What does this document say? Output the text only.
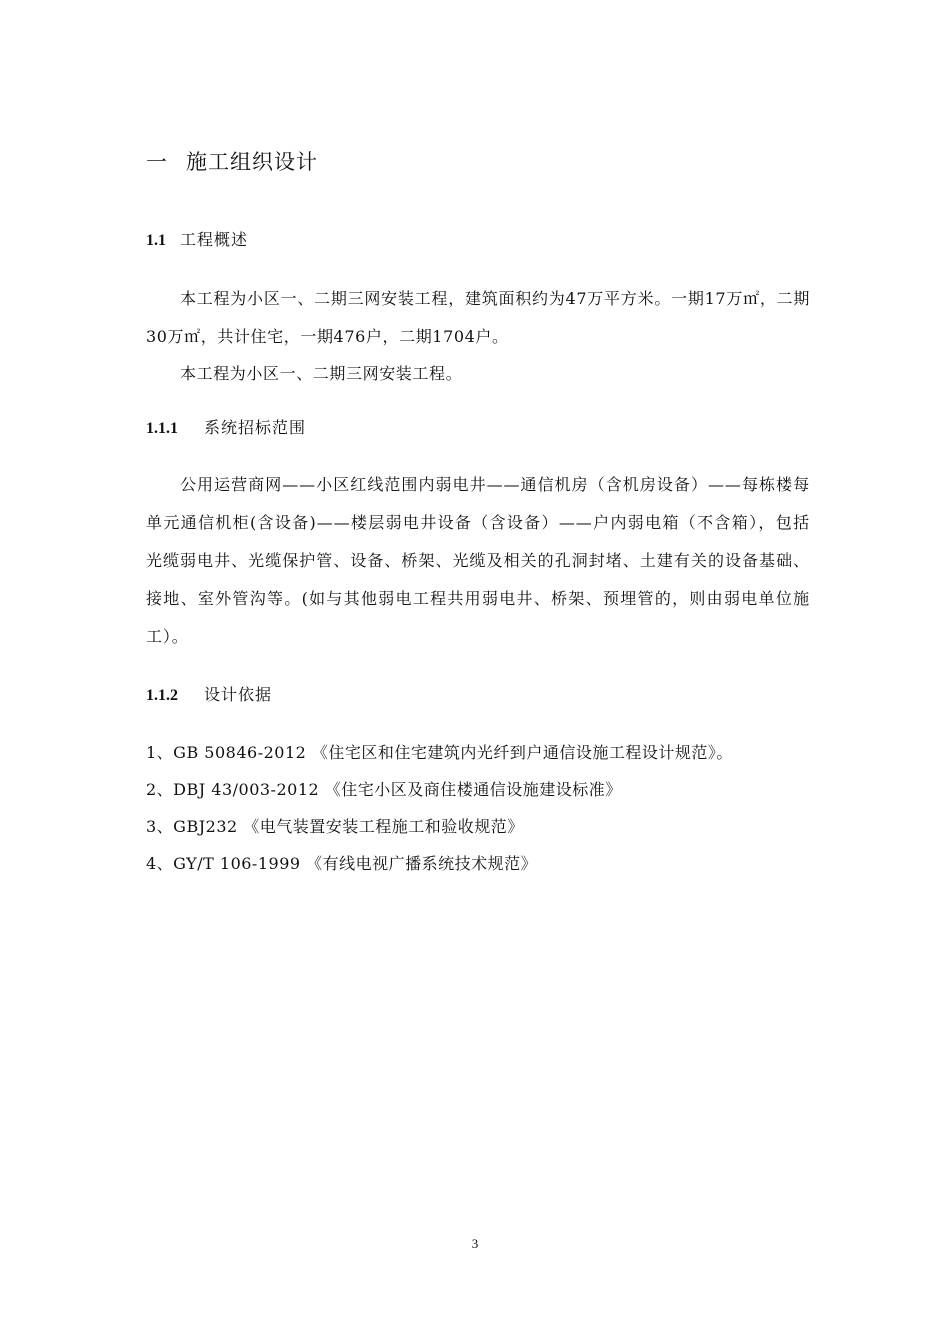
一 施工组织设计
1.1 工程概述

本工程为小区一、二期三网安装工程，建筑面积约为47万平方米。一期17万㎡，二期30万㎡，共计住宅，一期476户，二期1704户。

本工程为小区一、二期三网安装工程。

1.1.1 系统招标范围

公用运营商网——小区红线范围内弱电井——通信机房（含机房设备）——每栋楼每单元通信机柜(含设备)——楼层弱电井设备（含设备）——户内弱电箱（不含箱），包括光缆弱电井、光缆保护管、设备、桥架、光缆及相关的孔洞封堵、土建有关的设备基础、接地、室外管沟等。(如与其他弱电工程共用弱电井、桥架、预埋管的，则由弱电单位施工）。

1.1.2 设计依据
1、GB 50846-2012 《住宅区和住宅建筑内光纤到户通信设施工程设计规范》。
2、DBJ 43/003-2012 《住宅小区及商住楼通信设施建设标准》
3、GBJ232 《电气装置安装工程施工和验收规范》
4、GY/T 106-1999 《有线电视广播系统技术规范》
3
